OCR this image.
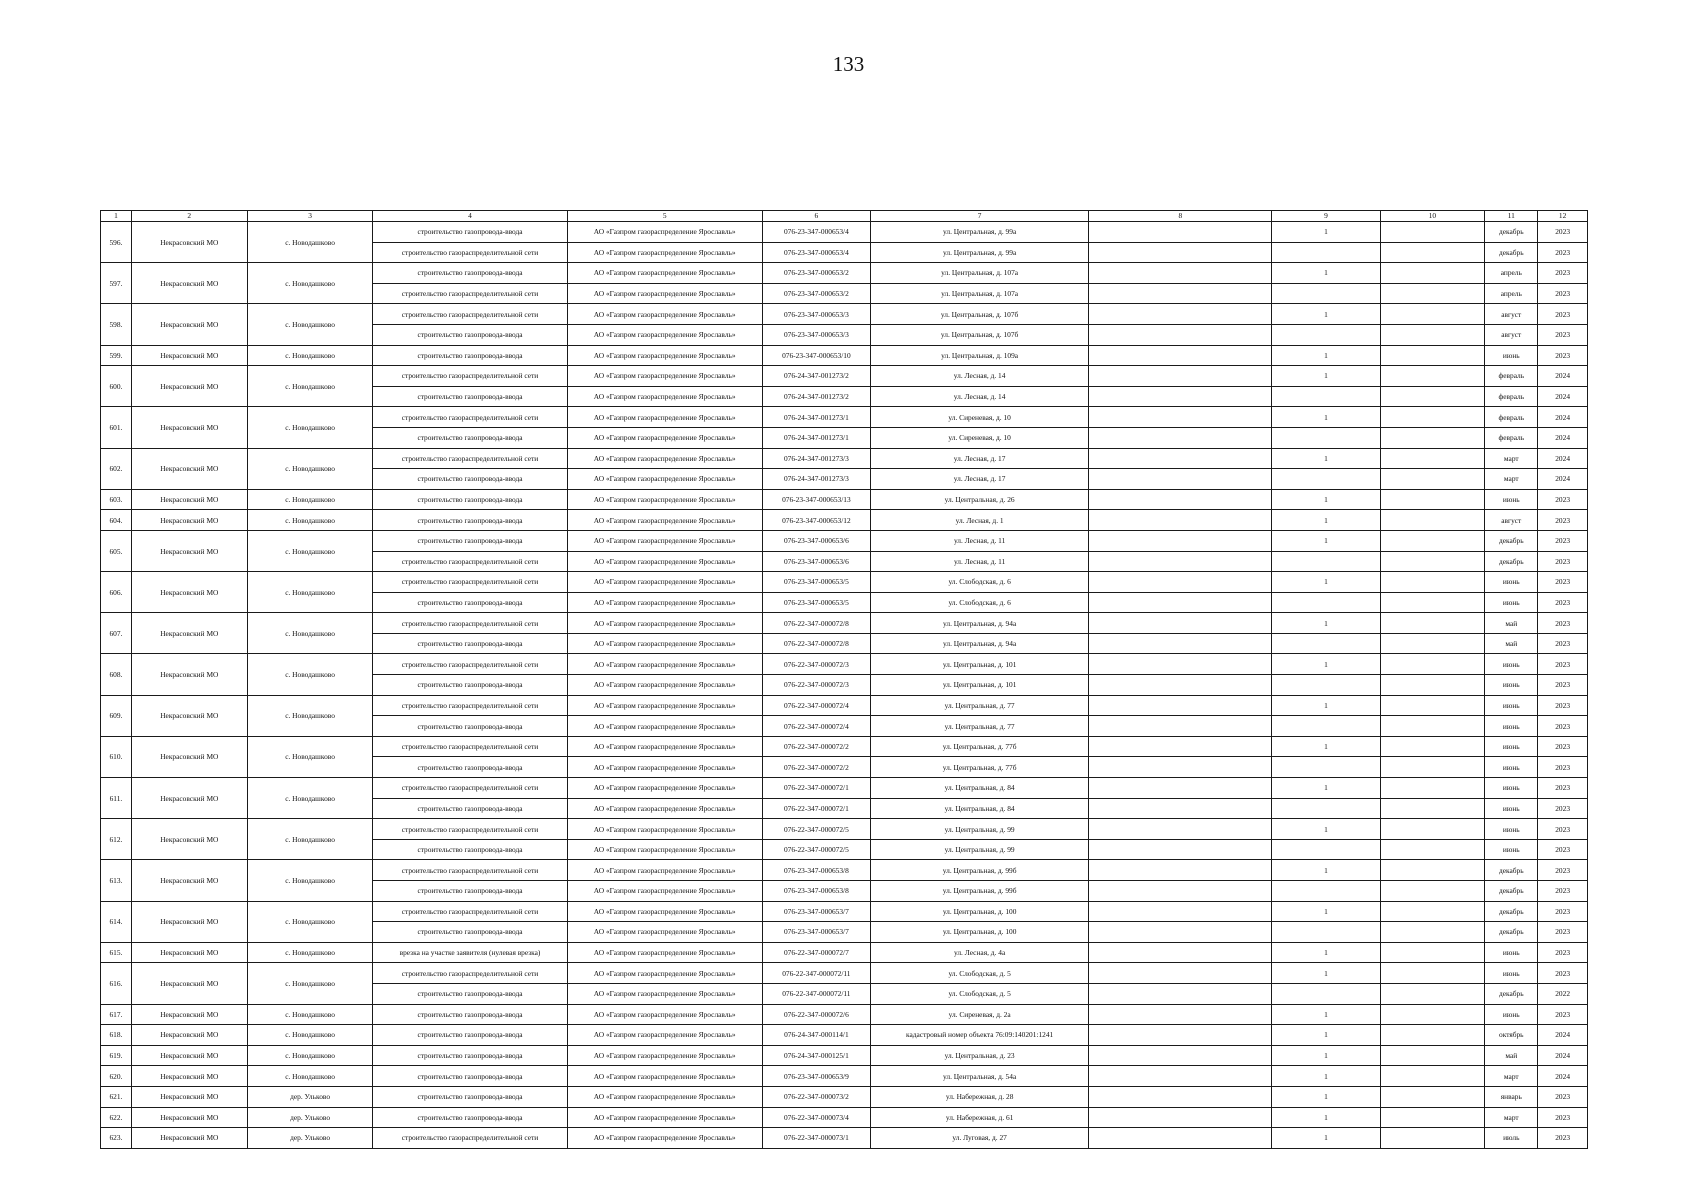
133
1	2	3	4	5	6	7	8	9	10	11	12
596.	Некрасовский МО	с. Новодашково	строительство газопровода-ввода	АО «Газпром газораспределение Ярославль»	076-23-347-000653/4	ул. Центральная, д. 99а		1		декабрь	2023
			строительство газораспределительной сети	АО «Газпром газораспределение Ярославль»	076-23-347-000653/4	ул. Центральная, д. 99а				декабрь	2023
597.	Некрасовский МО	с. Новодашково	строительство газопровода-ввода	АО «Газпром газораспределение Ярославль»	076-23-347-000653/2	ул. Центральная, д. 107а		1		апрель	2023
			строительство газораспределительной сети	АО «Газпром газораспределение Ярославль»	076-23-347-000653/2	ул. Центральная, д. 107а				апрель	2023
598.	Некрасовский МО	с. Новодашково	строительство газораспределительной сети	АО «Газпром газораспределение Ярославль»	076-23-347-000653/3	ул. Центральная, д. 107б		1		август	2023
			строительство газопровода-ввода	АО «Газпром газораспределение Ярославль»	076-23-347-000653/3	ул. Центральная, д. 107б				август	2023
599.	Некрасовский МО	с. Новодашково	строительство газопровода-ввода	АО «Газпром газораспределение Ярославль»	076-23-347-000653/10	ул. Центральная, д. 109а		1		июнь	2023
600.	Некрасовский МО	с. Новодашково	строительство газораспределительной сети	АО «Газпром газораспределение Ярославль»	076-24-347-001273/2	ул. Лесная, д. 14		1		февраль	2024
			строительство газопровода-ввода	АО «Газпром газораспределение Ярославль»	076-24-347-001273/2	ул. Лесная, д. 14				февраль	2024
601.	Некрасовский МО	с. Новодашково	строительство газораспределительной сети	АО «Газпром газораспределение Ярославль»	076-24-347-001273/1	ул. Сиреневая, д. 10		1		февраль	2024
			строительство газопровода-ввода	АО «Газпром газораспределение Ярославль»	076-24-347-001273/1	ул. Сиреневая, д. 10				февраль	2024
602.	Некрасовский МО	с. Новодашково	строительство газораспределительной сети	АО «Газпром газораспределение Ярославль»	076-24-347-001273/3	ул. Лесная, д. 17		1		март	2024
			строительство газопровода-ввода	АО «Газпром газораспределение Ярославль»	076-24-347-001273/3	ул. Лесная, д. 17				март	2024
603.	Некрасовский МО	с. Новодашково	строительство газопровода-ввода	АО «Газпром газораспределение Ярославль»	076-23-347-000653/13	ул. Центральная, д. 26		1		июнь	2023
604.	Некрасовский МО	с. Новодашково	строительство газопровода-ввода	АО «Газпром газораспределение Ярославль»	076-23-347-000653/12	ул. Лесная, д. 1		1		август	2023
605.	Некрасовский МО	с. Новодашково	строительство газопровода-ввода	АО «Газпром газораспределение Ярославль»	076-23-347-000653/6	ул. Лесная, д. 11		1		декабрь	2023
			строительство газораспределительной сети	АО «Газпром газораспределение Ярославль»	076-23-347-000653/6	ул. Лесная, д. 11				декабрь	2023
606.	Некрасовский МО	с. Новодашково	строительство газораспределительной сети	АО «Газпром газораспределение Ярославль»	076-23-347-000653/5	ул. Слободская, д. 6		1		июнь	2023
			строительство газопровода-ввода	АО «Газпром газораспределение Ярославль»	076-23-347-000653/5	ул. Слободская, д. 6				июнь	2023
607.	Некрасовский МО	с. Новодашково	строительство газораспределительной сети	АО «Газпром газораспределение Ярославль»	076-22-347-000072/8	ул. Центральная, д. 94а		1		май	2023
			строительство газопровода-ввода	АО «Газпром газораспределение Ярославль»	076-22-347-000072/8	ул. Центральная, д. 94а				май	2023
608.	Некрасовский МО	с. Новодашково	строительство газораспределительной сети	АО «Газпром газораспределение Ярославль»	076-22-347-000072/3	ул. Центральная, д. 101		1		июнь	2023
			строительство газопровода-ввода	АО «Газпром газораспределение Ярославль»	076-22-347-000072/3	ул. Центральная, д. 101				июнь	2023
609.	Некрасовский МО	с. Новодашково	строительство газораспределительной сети	АО «Газпром газораспределение Ярославль»	076-22-347-000072/4	ул. Центральная, д. 77		1		июнь	2023
			строительство газопровода-ввода	АО «Газпром газораспределение Ярославль»	076-22-347-000072/4	ул. Центральная, д. 77				июнь	2023
610.	Некрасовский МО	с. Новодашково	строительство газораспределительной сети	АО «Газпром газораспределение Ярославль»	076-22-347-000072/2	ул. Центральная, д. 77б		1		июнь	2023
			строительство газопровода-ввода	АО «Газпром газораспределение Ярославль»	076-22-347-000072/2	ул. Центральная, д. 77б				июнь	2023
611.	Некрасовский МО	с. Новодашково	строительство газораспределительной сети	АО «Газпром газораспределение Ярославль»	076-22-347-000072/1	ул. Центральная, д. 84		1		июнь	2023
			строительство газопровода-ввода	АО «Газпром газораспределение Ярославль»	076-22-347-000072/1	ул. Центральная, д. 84				июнь	2023
612.	Некрасовский МО	с. Новодашково	строительство газораспределительной сети	АО «Газпром газораспределение Ярославль»	076-22-347-000072/5	ул. Центральная, д. 99		1		июнь	2023
			строительство газопровода-ввода	АО «Газпром газораспределение Ярославль»	076-22-347-000072/5	ул. Центральная, д. 99				июнь	2023
613.	Некрасовский МО	с. Новодашково	строительство газораспределительной сети	АО «Газпром газораспределение Ярославль»	076-23-347-000653/8	ул. Центральная, д. 99б		1		декабрь	2023
			строительство газопровода-ввода	АО «Газпром газораспределение Ярославль»	076-23-347-000653/8	ул. Центральная, д. 99б				декабрь	2023
614.	Некрасовский МО	с. Новодашково	строительство газораспределительной сети	АО «Газпром газораспределение Ярославль»	076-23-347-000653/7	ул. Центральная, д. 100		1		декабрь	2023
			строительство газопровода-ввода	АО «Газпром газораспределение Ярославль»	076-23-347-000653/7	ул. Центральная, д. 100				декабрь	2023
615.	Некрасовский МО	с. Новодашково	врезка на участке заявителя (нулевая врезка)	АО «Газпром газораспределение Ярославль»	076-22-347-000072/7	ул. Лесная, д. 4а		1		июнь	2023
616.	Некрасовский МО	с. Новодашково	строительство газораспределительной сети	АО «Газпром газораспределение Ярославль»	076-22-347-000072/11	ул. Слободская, д. 5		1		июнь	2023
			строительство газопровода-ввода	АО «Газпром газораспределение Ярославль»	076-22-347-000072/11	ул. Слободская, д. 5				декабрь	2022
617.	Некрасовский МО	с. Новодашково	строительство газопровода-ввода	АО «Газпром газораспределение Ярославль»	076-22-347-000072/6	ул. Сиреневая, д. 2а		1		июнь	2023
618.	Некрасовский МО	с. Новодашково	строительство газопровода-ввода	АО «Газпром газораспределение Ярославль»	076-24-347-000114/1	кадастровый номер объекта 76:09:140201:1241		1		октябрь	2024
619.	Некрасовский МО	с. Новодашково	строительство газопровода-ввода	АО «Газпром газораспределение Ярославль»	076-24-347-000125/1	ул. Центральная, д. 23		1		май	2024
620.	Некрасовский МО	с. Новодашково	строительство газопровода-ввода	АО «Газпром газораспределение Ярославль»	076-23-347-000653/9	ул. Центральная, д. 54а		1		март	2024
621.	Некрасовский МО	дер. Ульково	строительство газопровода-ввода	АО «Газпром газораспределение Ярославль»	076-22-347-000073/2	ул. Набережная, д. 28		1		январь	2023
622.	Некрасовский МО	дер. Ульково	строительство газопровода-ввода	АО «Газпром газораспределение Ярославль»	076-22-347-000073/4	ул. Набережная, д. 61		1		март	2023
623.	Некрасовский МО	дер. Ульково	строительство газораспределительной сети	АО «Газпром газораспределение Ярославль»	076-22-347-000073/1	ул. Луговая, д. 27		1		июль	2023
